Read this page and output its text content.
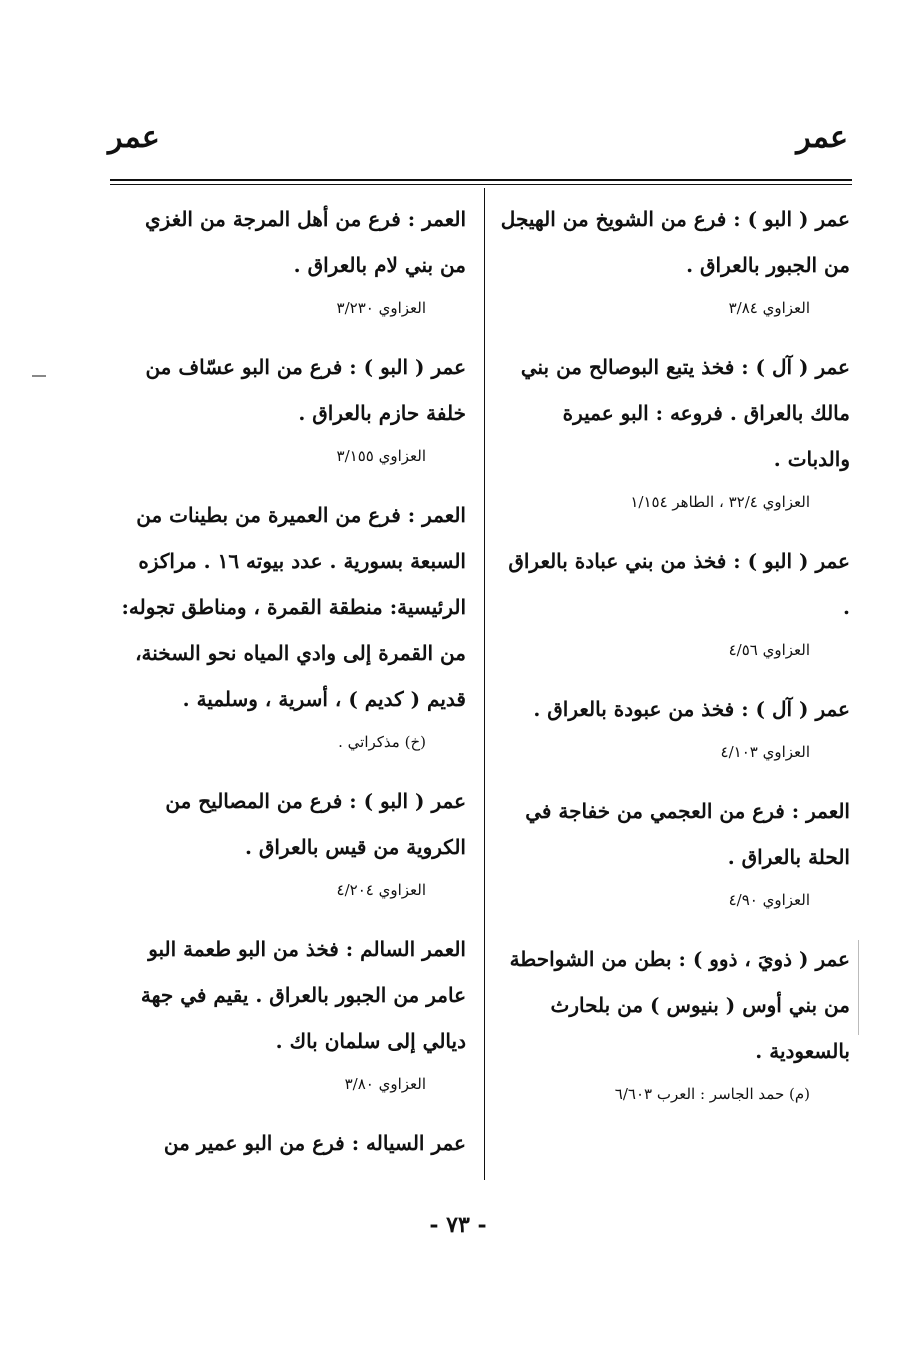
عمر
عمر

عمر ( البو ) : فرع من الشويخ من الهيجل من الجبور بالعراق .

العزاوي ٣/٨٤

عمر ( آل ) : فخذ يتبع البوصالح من بني مالك بالعراق . فروعه : البو عميرة والدبات .

العزاوي ٣٢/٤ ، الطاهر ١/١٥٤

عمر ( البو ) : فخذ من بني عبادة بالعراق .

العزاوي ٤/٥٦

عمر ( آل ) : فخذ من عبودة بالعراق .

العزاوي ٤/١٠٣

العمر : فرع من العجمي من خفاجة في الحلة بالعراق .

العزاوي ٤/٩٠

عمر ( ذويَ ، ذوو ) : بطن من الشواحطة من بني أوس ( بنيوس ) من بلحارث بالسعودية .

(م) حمد الجاسر : العرب ٦/٦٠٣

العمر : فرع من أهل المرجة من الغزي من بني لام بالعراق .

العزاوي ٣/٢٣٠

عمر ( البو ) : فرع من البو عسّاف من خلفة حازم بالعراق .

العزاوي ٣/١٥٥

العمر : فرع من العميرة من بطينات من السبعة بسورية . عدد بيوته ١٦ . مراكزه الرئيسية: منطقة القمرة ، ومناطق تجوله: من القمرة إلى وادي المياه نحو السخنة، قديم ( كديم ) ، أسرية ، وسلمية .

(خ) مذكراتي .

عمر ( البو ) : فرع من المصاليح من الكروية من قيس بالعراق .

العزاوي ٤/٢٠٤

العمر السالم : فخذ من البو طعمة البو عامر من الجبور بالعراق . يقيم في جهة ديالي إلى سلمان باك .

العزاوي ٣/٨٠

عمر السياله : فرع من البو عمير من

- ٧٣ -
